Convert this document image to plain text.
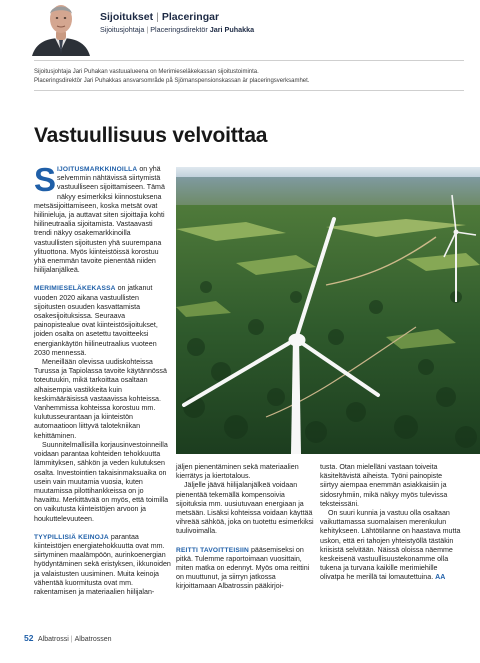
Sijoitukset | Placeringar
Sijoitusjohtaja | Placeringsdirektör Jari Puhakka
Sijoitusjohtaja Jari Puhakan vastuualueena on Merimieseläkekassan sijoitustoiminta.
Placeringsdirektör Jari Puhakkas ansvarsområde på Sjömanspensionskassan är placeringsverksamhet.
Vastuullisuus velvoittaa

SIJOITUSMARKKINOILLA on yhä selvemmin nähtävissä siirtymistä vastuulliseen sijoittamiseen. Tämä näkyy esimerkiksi kiinnostuksena metsäsijoittamiseen, koska metsät ovat hiilinieluja, ja auttavat siten sijoittajia kohti hiilineutraalia sijoitamista. Vastaavasti trendi näkyy osakemarkkinoilla vastuullisten sijoitusten yhä suurempana ylituottona. Myös kiinteistöissä korostuu yhä enemmän tavoite pienentää niiden hiilijalanjälkeä.

MERIMIESELÄKEKASSA on jatkanut vuoden 2020 aikana vastuullisten sijoitusten osuuden kasvattamista osakesijoituksissa. Seuraava painopistealue ovat kiinteistösijoitukset, joiden osalta on asetettu tavoitteeksi energiankäytön hiilineutraalius vuoteen 2030 mennessä.

Meneillään olevissa uudiskohteissa Turussa ja Tapiolassa tavoite käytännössä toteutuukin, mikä tarkoittaa osaltaan alhaisempia vastikkeita kuin keskimääräisissä vastaavissa kohteissa. Vanhemmissa kohteissa korostuu mm. kulutusseurantaan ja kiinteistön automaatioon liittyvä talotekniikan kehittäminen.

Suunnitelmallisilla korjausinvestoinneilla voidaan parantaa kohteiden tehokkuutta lämmityksen, sähkön ja veden kulutuksen osalta. Investointien takaisinmaksuaika on usein vain muutamia vuosia, kuten muutamissa pilottihankkeissa on jo havaittu. Merkittävää on myös, että toimilla on vaikutusta kiinteistöjen arvoon ja houkuttelevuuteen.

TYYPILLISIÄ KEINOJA parantaa kiinteistöjen energiatehokkuutta ovat mm. siirtyminen maalämpöön, aurinkoenergian hyödyntäminen sekä eristyksen, ikkunoiden ja valaistusten uusiminen. Muita keinoja vähentää kuormitusta ovat mm. rakentamisen ja materiaalien hiilijalan-

jäljen pienentäminen sekä materiaalien kierrätys ja kiertotalous.

Jäljelle jäävä hiilijalanjälkeä voidaan pienentää tekemällä kompensoivia sijoituksia mm. uusiutuvaan energiaan ja metsään. Lisäksi kohteissa voidaan käyttää vihreää sähköä, joka on tuotettu esimerkiksi tuulivoimalla.

REITTI TAVOITTEISIIN pääsemiseksi on pitkä. Tulemme raportoimaan vuosittain, miten matka on edennyt. Myös oma reittini on muuttunut, ja siirryn jatkossa kirjoittamaan Albatrossin pääkirjoi-

tusta. Otan mielelläni vastaan toiveita käsiteltävistä aiheista. Työni painopiste siirtyy aiempaa enemmän asiakkaisiin ja sidosryhmiin, mikä näkyy myös tulevissa teksteissäni.

On suuri kunnia ja vastuu olla osaltaan vaikuttamassa suomalaisen merenkulun kehitykseen. Lähtötilanne on haastava mutta uskon, että eri tahojen yhteistyöllä tästäkin kriisistä selvitään. Näissä oloissa näemme keskeisenä vastuullisuustekonamme olla tukena ja turvana kaikille merimiehille olivatpa he merillä tai lomautettuina. AA

52 Albatrossi | Albatrossen
